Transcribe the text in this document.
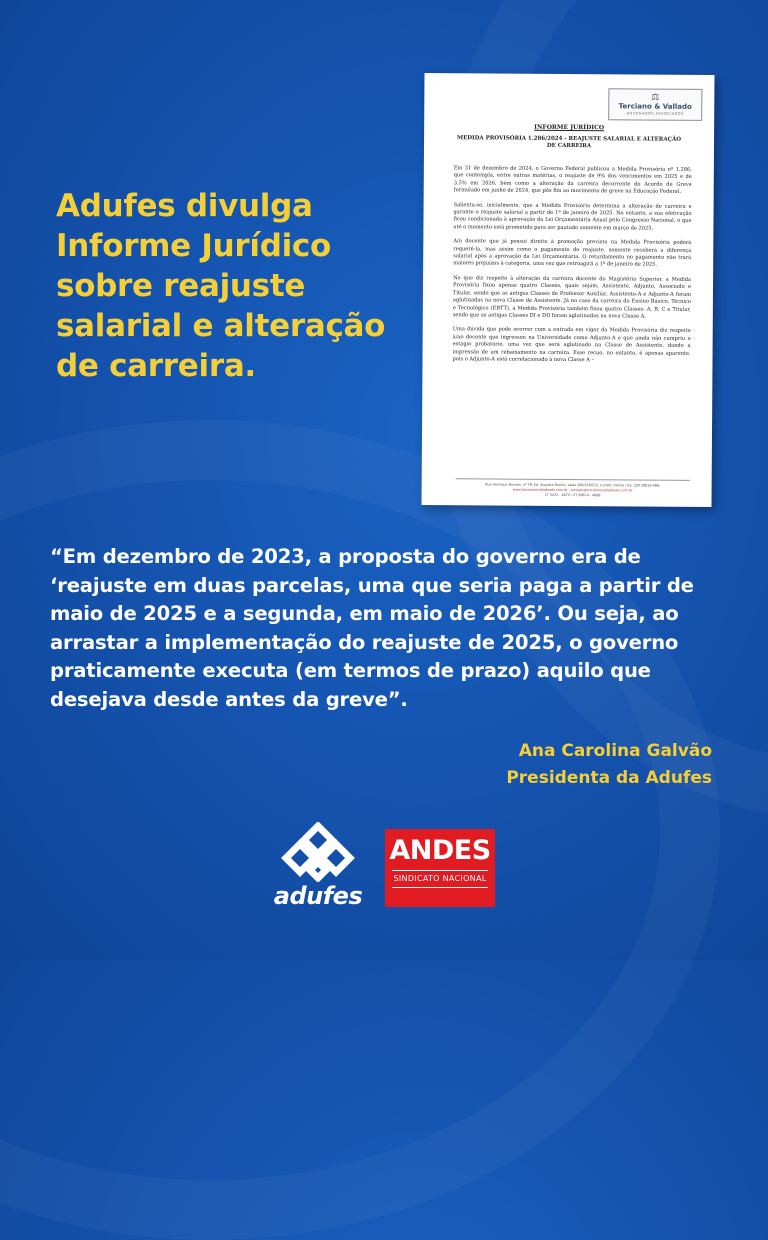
Adufes divulga Informe Jurídico sobre reajuste salarial e alteração de carreira.
⚖
Terciano & Vallado
ADVOGADOS ASSOCIADOS

INFORME JURÍDICO

MEDIDA PROVISÓRIA 1.286/2024 - REAJUSTE SALARIAL E ALTERAÇÃO DE CARREIRA

Em 31 de dezembro de 2024, o Governo Federal publicou a Medida Provisória nº 1.286, que contempla, entre outras matérias, o reajuste de 9% dos vencimentos em 2025 e de 3,5% em 2026, bem como a alteração da carreira decorrente do Acordo de Greve formulado em junho de 2024, que pôs fim ao movimento de greve na Educação Federal.

Salienta-se, inicialmente, que a Medida Provisória determina a alteração de carreira e garante o reajuste salarial a partir de 1º de janeiro de 2025. No entanto, a sua efetivação ficou condicionada à aprovação da Lei Orçamentária Anual pelo Congresso Nacional, o que até o momento está prometido para ser pautado somente em março de 2025.

A/o docente que já possui direito à promoção prevista na Medida Provisória poderá requerê-la, mas assim como o pagamento do reajuste, somente receberá a diferença salarial após a aprovação da Lei Orçamentária. O retardamento no pagamento não trará maiores prejuízos à categoria, uma vez que retroagirá a 1º de janeiro de 2025.

No que diz respeito à alteração da carreira docente do Magistério Superior, a Medida Provisória fixou apenas quatro Classes, quais sejam, Assistente, Adjunto, Associado e Titular, sendo que as antigas Classes de Professor Auxiliar, Assistente-A e Adjunto-A foram aglutinadas na nova Classe de Assistente. Já no caso da carreira do Ensino Básico, Técnico e Tecnológico (EBTT), a Medida Provisória também fixou quatro Classes: A, B, C e Titular, sendo que as antigas Classes DI e DII foram aglutinadas na nova Classe A.

Uma dúvida que pode ocorrer com a entrada em vigor da Medida Provisória diz respeito à/ao docente que ingressou na Universidade como Adjunto-A e que ainda não cumpriu o estágio probatório, uma vez que será aglutinado na Classe de Assistente, dando a impressão de um rebaixamento na carreira. Esse recuo, no entanto, é apenas aparente, pois o Adjunto-A está correlacionado à nova Classe A –

Rua Henrique Novaes, nº 79, Ed. Augusto Ruschi, salas 209/210/212, Centro, Vitória / ES, CEP 29010-490;
www.tercianoevalladoadv.com.br · contato@tercianoevalladoadv.com.br
27 3222 - 4972 / 27 99874 - 4888

“Em dezembro de 2023, a proposta do governo era de ‘reajuste em duas parcelas, uma que seria paga a partir de maio de 2025 e a segunda, em maio de 2026’. Ou seja, ao arrastar a implementação do reajuste de 2025, o governo praticamente executa (em termos de prazo) aquilo que desejava desde antes da greve”.

Ana Carolina Galvão

Presidenta da Adufes

adufes
ANDES
SINDICATO NACIONAL
